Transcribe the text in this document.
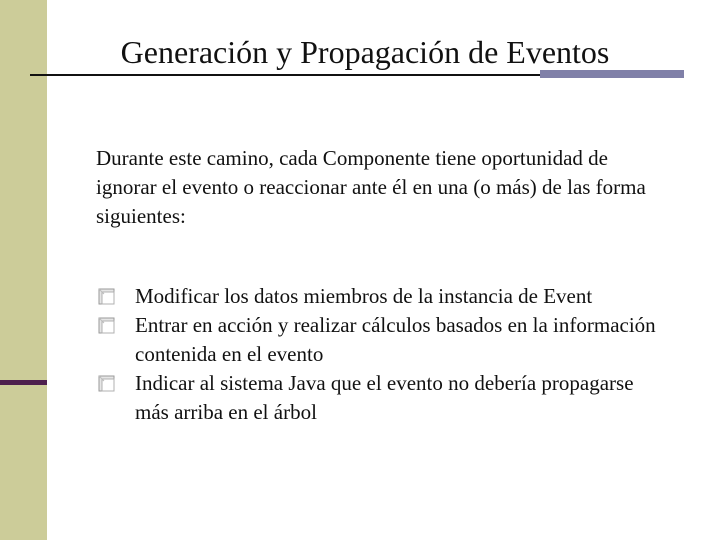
Generación y Propagación de Eventos
Durante este camino, cada Componente tiene oportunidad de ignorar el evento o reaccionar ante él en una (o más) de las forma siguientes:
Modificar los datos miembros de la instancia de Event
Entrar en acción y realizar cálculos basados en la información contenida en el evento
Indicar al sistema Java que el evento no debería propagarse más arriba en el árbol
